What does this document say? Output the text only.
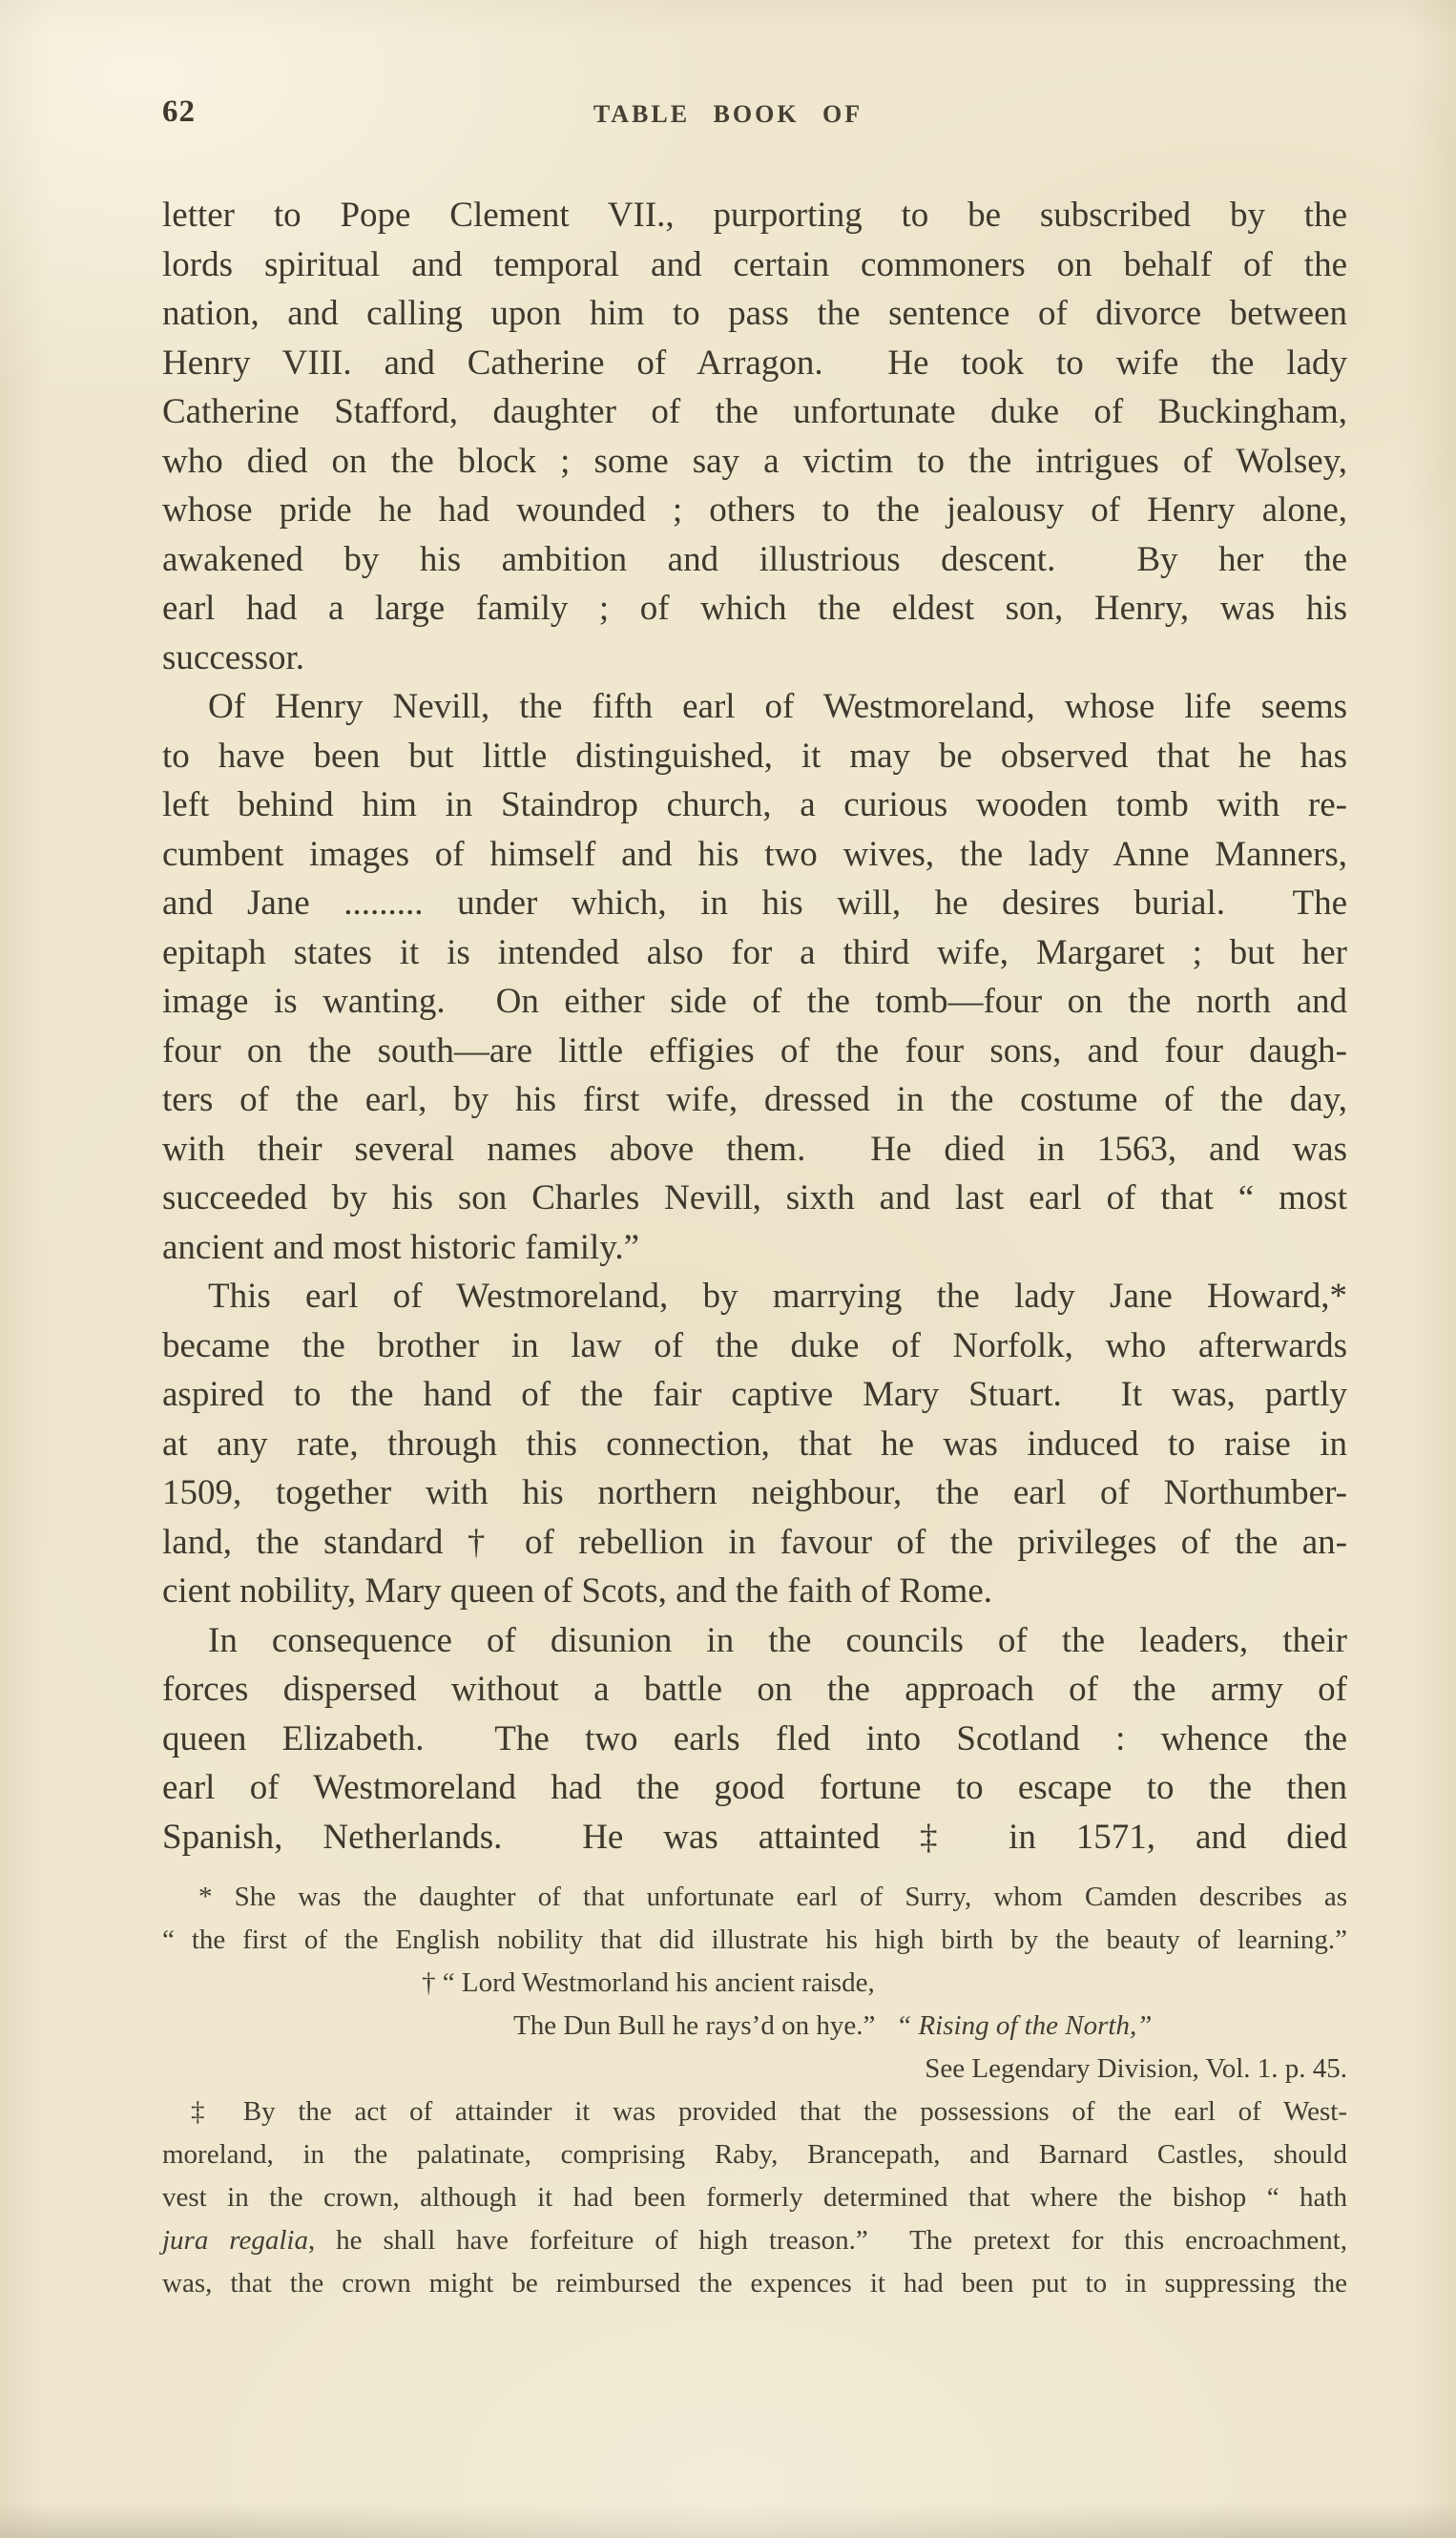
62	TABLE BOOK OF
letter to Pope Clement VII., purporting to be subscribed by the
lords spiritual and temporal and certain commoners on behalf of the
nation, and calling upon him to pass the sentence of divorce between
Henry VIII. and Catherine of Arragon.  He took to wife the lady
Catherine Stafford, daughter of the unfortunate duke of Buckingham,
who died on the block ; some say a victim to the intrigues of Wolsey,
whose pride he had wounded ; others to the jealousy of Henry alone,
awakened by his ambition and illustrious descent.  By her the
earl had a large family ; of which the eldest son, Henry, was his
successor.
Of Henry Nevill, the fifth earl of Westmoreland, whose life seems
to have been but little distinguished, it may be observed that he has
left behind him in Staindrop church, a curious wooden tomb with re-
cumbent images of himself and his two wives, the lady Anne Manners,
and Jane ......... under which, in his will, he desires burial.  The
epitaph states it is intended also for a third wife, Margaret ; but her
image is wanting.  On either side of the tomb—four on the north and
four on the south—are little effigies of the four sons, and four daugh-
ters of the earl, by his first wife, dressed in the costume of the day,
with their several names above them.  He died in 1563, and was
succeeded by his son Charles Nevill, sixth and last earl of that “ most
ancient and most historic family.”
This earl of Westmoreland, by marrying the lady Jane Howard,*
became the brother in law of the duke of Norfolk, who afterwards
aspired to the hand of the fair captive Mary Stuart.  It was, partly
at any rate, through this connection, that he was induced to raise in
1509, together with his northern neighbour, the earl of Northumber-
land, the standard † of rebellion in favour of the privileges of the an-
cient nobility, Mary queen of Scots, and the faith of Rome.
In consequence of disunion in the councils of the leaders, their
forces dispersed without a battle on the approach of the army of
queen Elizabeth.  The two earls fled into Scotland : whence the
earl of Westmoreland had the good fortune to escape to the then
Spanish, Netherlands.  He was attainted ‡ in 1571, and died
* She was the daughter of that unfortunate earl of Surry, whom Camden describes as
“ the first of the English nobility that did illustrate his high birth by the beauty of learning.”
† “ Lord Westmorland his ancient raisde,
The Dun Bull he rays’d on hye.”   “ Rising of the North,”
See Legendary Division, Vol. 1. p. 45.
‡ By the act of attainder it was provided that the possessions of the earl of West-
moreland, in the palatinate, comprising Raby, Brancepath, and Barnard Castles, should
vest in the crown, although it had been formerly determined that where the bishop “ hath
jura regalia, he shall have forfeiture of high treason.”  The pretext for this encroachment,
was, that the crown might be reimbursed the expences it had been put to in suppressing the
